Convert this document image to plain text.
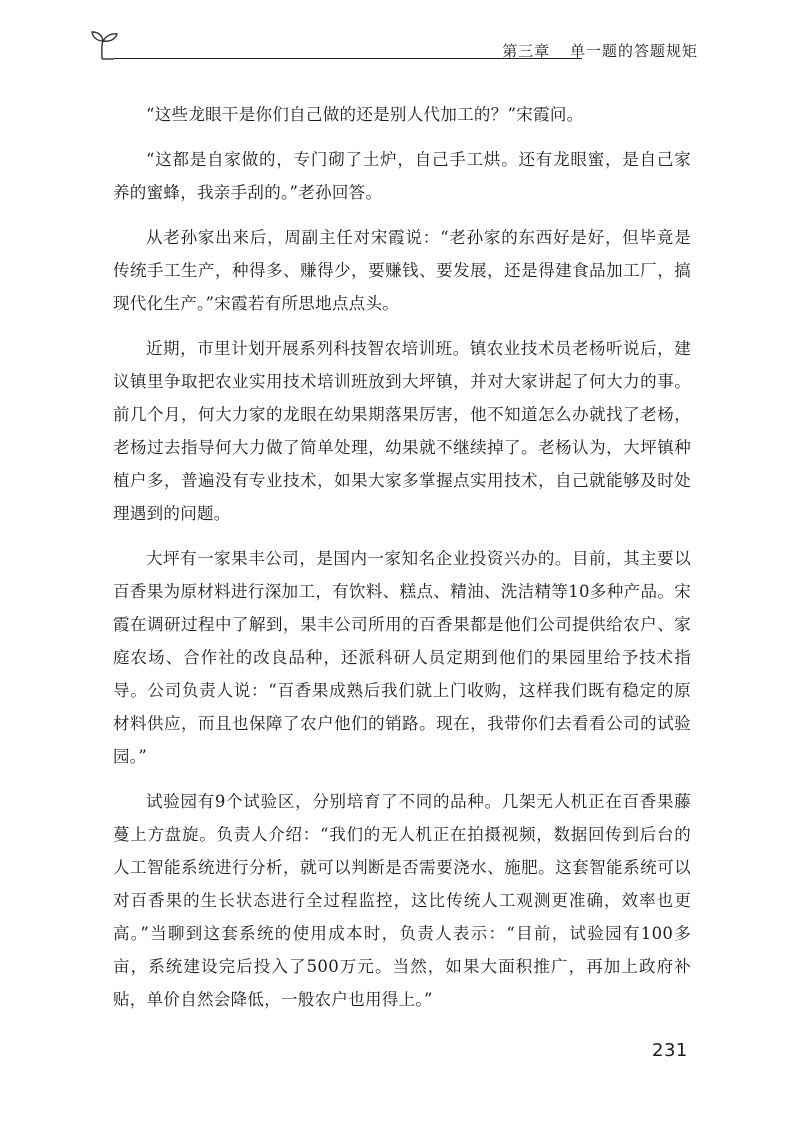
第三章 单一题的答题规矩

“这些龙眼干是你们自己做的还是别人代加工的？”宋霞问。

“这都是自家做的，专门砌了土炉，自己手工烘。还有龙眼蜜，是自己家养的蜜蜂，我亲手刮的。”老孙回答。

从老孙家出来后，周副主任对宋霞说：“老孙家的东西好是好，但毕竟是传统手工生产，种得多、赚得少，要赚钱、要发展，还是得建食品加工厂，搞现代化生产。”宋霞若有所思地点点头。

近期，市里计划开展系列科技智农培训班。镇农业技术员老杨听说后，建议镇里争取把农业实用技术培训班放到大坪镇，并对大家讲起了何大力的事。前几个月，何大力家的龙眼在幼果期落果厉害，他不知道怎么办就找了老杨，老杨过去指导何大力做了简单处理，幼果就不继续掉了。老杨认为，大坪镇种植户多，普遍没有专业技术，如果大家多掌握点实用技术，自己就能够及时处理遇到的问题。

大坪有一家果丰公司，是国内一家知名企业投资兴办的。目前，其主要以百香果为原材料进行深加工，有饮料、糕点、精油、洗洁精等10多种产品。宋霞在调研过程中了解到，果丰公司所用的百香果都是他们公司提供给农户、家庭农场、合作社的改良品种，还派科研人员定期到他们的果园里给予技术指导。公司负责人说：“百香果成熟后我们就上门收购，这样我们既有稳定的原材料供应，而且也保障了农户他们的销路。现在，我带你们去看看公司的试验园。”

试验园有9个试验区，分别培育了不同的品种。几架无人机正在百香果藤蔓上方盘旋。负责人介绍：“我们的无人机正在拍摄视频，数据回传到后台的人工智能系统进行分析，就可以判断是否需要浇水、施肥。这套智能系统可以对百香果的生长状态进行全过程监控，这比传统人工观测更准确，效率也更高。”当聊到这套系统的使用成本时，负责人表示：“目前，试验园有100多亩，系统建设完后投入了500万元。当然，如果大面积推广，再加上政府补贴，单价自然会降低，一般农户也用得上。”

231
